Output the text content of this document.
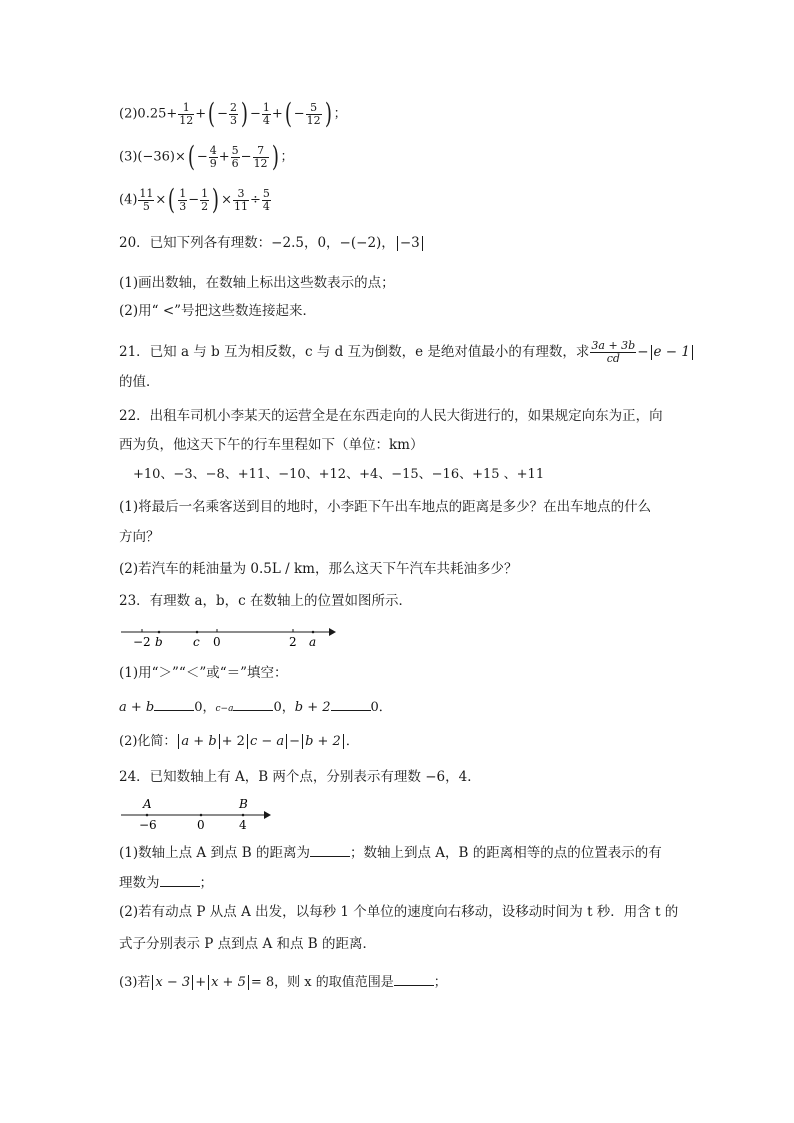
$(2)0.25+ \frac{1}{12}$ +( − $\frac{2}{3}$ ) − $\frac{1}{4}$ +( − $\frac{5}{12}$ ) ；
$(3)(-36)\times( - \frac{4}{9} + \frac{5}{6} - \frac{7}{12}$ ) ；
$(4) \frac{11}{5}$ ×( $\frac{1}{3} - \frac{1}{2}$ ) × $\frac{3}{11} \div \frac{5}{4}$
20．已知下列各有理数：−2.5，0，−(−2)， −3
(1)画出数轴，在数轴上标出这些数表示的点；
(2)用“ <”号把这些数连接起来．
21．已知 a 与 b 互为相反数，c 与 d 互为倒数，e 是绝对值最小的有理数，求 $\frac{3a + 3b}{cd} - e - 1$
的值．
22．出租车司机小李某天的运营全是在东西走向的人民大街进行的，如果规定向东为正，向
西为负，他这天下午的行车里程如下（单位：km）
+10、−3、−8、+11、−10、+12、+4、−15、−16、+15 、+11
(1)将最后一名乘客送到目的地时，小李距下午出车地点的距离是多少？在出车地点的什么
方向？
(2)若汽车的耗油量为 0.5L / km，那么这天下午汽车共耗油多少？
23．有理数 a，b，c 在数轴上的位置如图所示．
−2 b	c 0	2 a
(1)用“＞”“＜”或“＝”填空：
a + b	0，c−a	0，b + 2	0．
(2)化简： a + b + 2 c − a − b + 2 ．
24．已知数轴上有 A，B 两个点，分别表示有理数 −6，4．
A	B
−6	0	4
(1)数轴上点 A 到点 B 的距离为	；数轴上到点 A，B 的距离相等的点的位置表示的有
理数为	；
(2)若有动点 P 从点 A 出发，以每秒 1 个单位的速度向右移动，设移动时间为 t 秒．用含 t 的
式子分别表示 P 点到点 A 和点 B 的距离．
(3)若 x − 3 + x + 5 = 8，则 x 的取值范围是	；
